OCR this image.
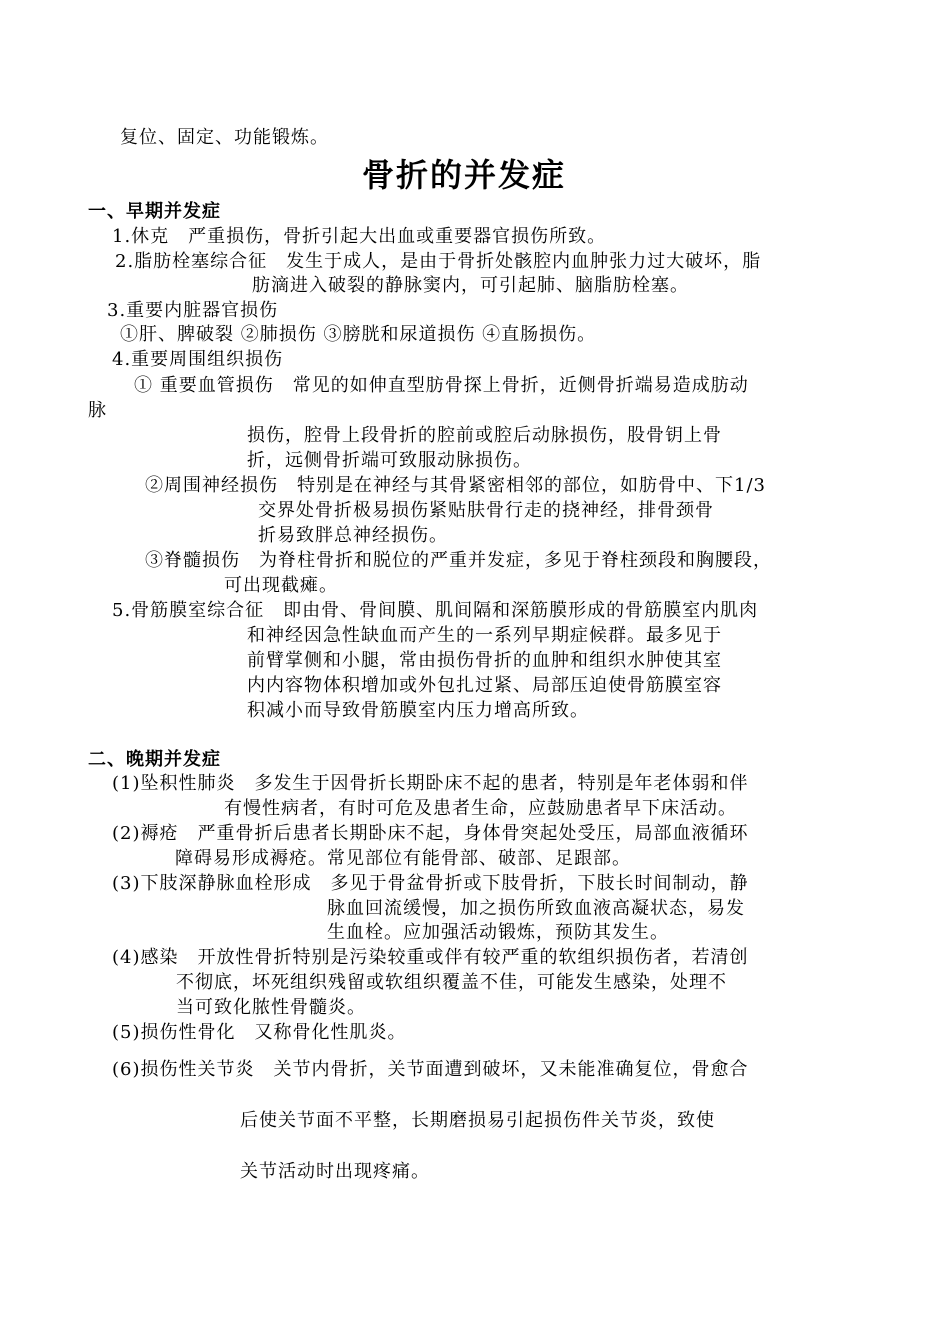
复位、固定、功能锻炼。
骨折的并发症
一、早期并发症
1.休克　严重损伤，骨折引起大出血或重要器官损伤所致。
2.脂肪栓塞综合征　发生于成人，是由于骨折处骸腔内血肿张力过大破坏，脂
肪滴进入破裂的静脉窦内，可引起肺、脑脂肪栓塞。
3.重要内脏器官损伤
①肝、脾破裂 ②肺损伤 ③膀胱和尿道损伤 ④直肠损伤。
4.重要周围组织损伤
① 重要血管损伤　常见的如伸直型肪骨探上骨折，近侧骨折端易造成肪动
脉
损伤，腔骨上段骨折的腔前或腔后动脉损伤，股骨钥上骨
折，远侧骨折端可致服动脉损伤。
②周围神经损伤　特别是在神经与其骨紧密相邻的部位，如肪骨中、下1/3
交界处骨折极易损伤紧贴肤骨行走的挠神经，排骨颈骨
折易致胖总神经损伤。
③脊髓损伤　为脊柱骨折和脱位的严重并发症，多见于脊柱颈段和胸腰段，
可出现截瘫。
5.骨筋膜室综合征　即由骨、骨间膜、肌间隔和深筋膜形成的骨筋膜室内肌肉
和神经因急性缺血而产生的一系列早期症候群。最多见于
前臂掌侧和小腿，常由损伤骨折的血肿和组织水肿使其室
内内容物体积增加或外包扎过紧、局部压迫使骨筋膜室容
积减小而导致骨筋膜室内压力增高所致。
二、晚期并发症
(1)坠积性肺炎　多发生于因骨折长期卧床不起的患者，特别是年老体弱和伴
有慢性病者，有时可危及患者生命，应鼓励患者早下床活动。
(2)褥疮　严重骨折后患者长期卧床不起，身体骨突起处受压，局部血液循环
障碍易形成褥疮。常见部位有能骨部、破部、足跟部。
(3)下肢深静脉血栓形成　多见于骨盆骨折或下肢骨折，下肢长时间制动，静
脉血回流缓慢，加之损伤所致血液高凝状态，易发
生血栓。应加强活动锻炼，预防其发生。
(4)感染　开放性骨折特别是污染较重或伴有较严重的软组织损伤者，若清创
不彻底，坏死组织残留或软组织覆盖不佳，可能发生感染，处理不
当可致化脓性骨髓炎。
(5)损伤性骨化　又称骨化性肌炎。
(6)损伤性关节炎　关节内骨折，关节面遭到破坏，又未能准确复位，骨愈合
后使关节面不平整，长期磨损易引起损伤件关节炎，致使
关节活动时出现疼痛。
